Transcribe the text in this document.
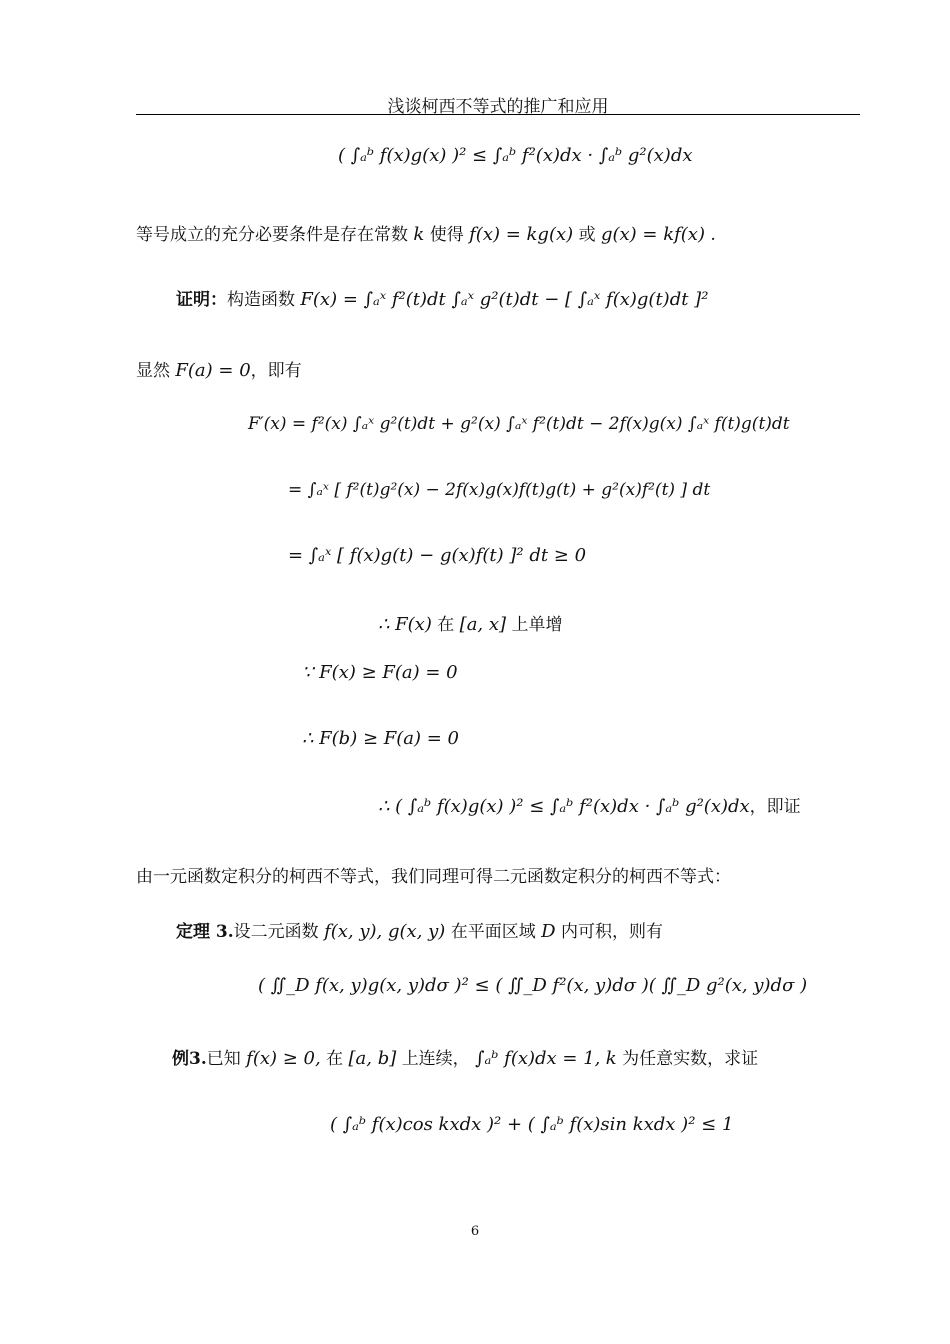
浅谈柯西不等式的推广和应用
( ∫ₐᵇ f(x)g(x) )² ≤ ∫ₐᵇ f²(x)dx · ∫ₐᵇ g²(x)dx
等号成立的充分必要条件是存在常数 k 使得 f(x) = kg(x) 或 g(x) = kf(x) .
证明：构造函数 F(x) = ∫ₐˣ f²(t)dt ∫ₐˣ g²(t)dt − [ ∫ₐˣ f(x)g(t)dt ]²
显然 F(a) = 0，即有
F′(x) = f²(x) ∫ₐˣ g²(t)dt + g²(x) ∫ₐˣ f²(t)dt − 2f(x)g(x) ∫ₐˣ f(t)g(t)dt
= ∫ₐˣ [ f²(t)g²(x) − 2f(x)g(x)f(t)g(t) + g²(x)f²(t) ] dt
= ∫ₐˣ [ f(x)g(t) − g(x)f(t) ]² dt ≥ 0
∴ F(x) 在 [a, x] 上单增
∵ F(x) ≥ F(a) = 0
∴ F(b) ≥ F(a) = 0
∴ ( ∫ₐᵇ f(x)g(x) )² ≤ ∫ₐᵇ f²(x)dx · ∫ₐᵇ g²(x)dx，即证
由一元函数定积分的柯西不等式，我们同理可得二元函数定积分的柯西不等式：
定理 3.设二元函数 f(x, y), g(x, y) 在平面区域 D 内可积，则有
( ∬_D f(x, y)g(x, y)dσ )² ≤ ( ∬_D f²(x, y)dσ )( ∬_D g²(x, y)dσ )
例3.已知 f(x) ≥ 0, 在 [a, b] 上连续， ∫ₐᵇ f(x)dx = 1, k 为任意实数，求证
( ∫ₐᵇ f(x)cos kxdx )² + ( ∫ₐᵇ f(x)sin kxdx )² ≤ 1
6
